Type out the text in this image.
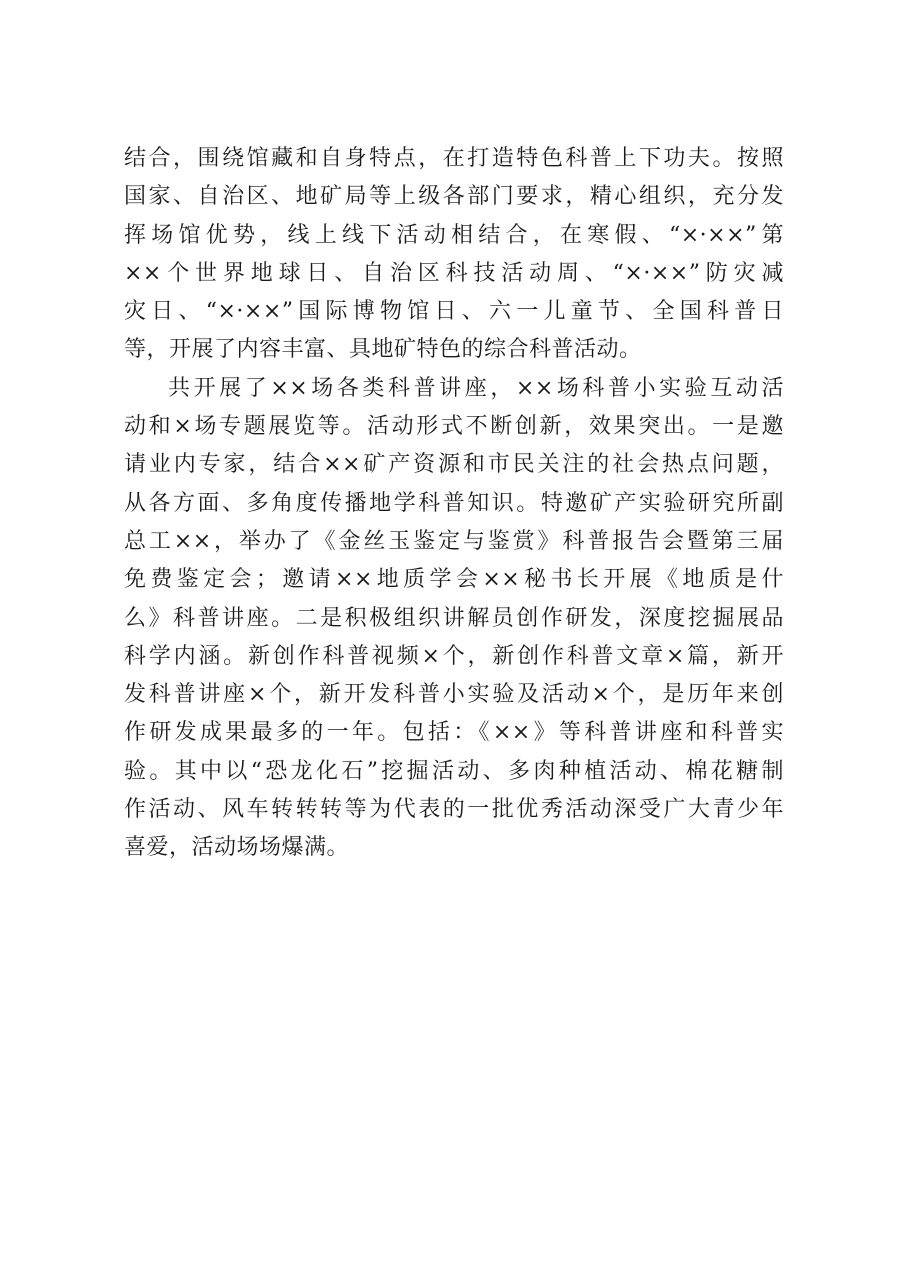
结合，围绕馆藏和自身特点，在打造特色科普上下功夫。按照
国家、自治区、地矿局等上级各部门要求，精心组织，充分发
挥场馆优势，线上线下活动相结合，在寒假、“×·××”第
××个世界地球日、自治区科技活动周、“×·××”防灾减
灾日、“×·××”国际博物馆日、六一儿童节、全国科普日
等，开展了内容丰富、具地矿特色的综合科普活动。
共开展了××场各类科普讲座，××场科普小实验互动活
动和×场专题展览等。活动形式不断创新，效果突出。一是邀
请业内专家，结合××矿产资源和市民关注的社会热点问题，
从各方面、多角度传播地学科普知识。特邀矿产实验研究所副
总工××，举办了《金丝玉鉴定与鉴赏》科普报告会暨第三届
免费鉴定会；邀请××地质学会××秘书长开展《地质是什
么》科普讲座。二是积极组织讲解员创作研发，深度挖掘展品
科学内涵。新创作科普视频×个，新创作科普文章×篇，新开
发科普讲座×个，新开发科普小实验及活动×个，是历年来创
作研发成果最多的一年。包括：《××》等科普讲座和科普实
验。其中以“恐龙化石”挖掘活动、多肉种植活动、棉花糖制
作活动、风车转转转等为代表的一批优秀活动深受广大青少年
喜爱，活动场场爆满。
